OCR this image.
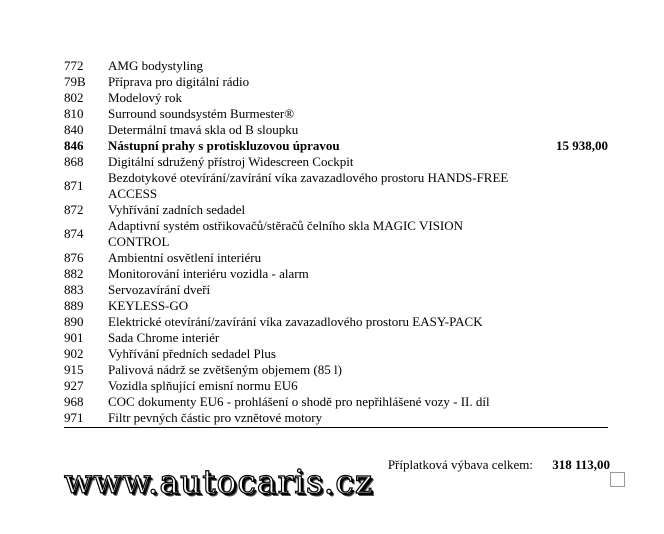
772	AMG bodystyling	
79B	Příprava pro digitální rádio	
802	Modelový rok	
810	Surround soundsystém Burmester®	
840	Determální tmavá skla od B sloupku	
846	Nástupní prahy s protiskluzovou úpravou	15 938,00
868	Digitální sdružený přístroj Widescreen Cockpit	
871	Bezdotykové otevírání/zavírání víka zavazadlového prostoru HANDS-FREE ACCESS	
872	Vyhřívání zadních sedadel	
874	Adaptivní systém ostřikovačů/stěračů čelního skla MAGIC VISION CONTROL	
876	Ambientní osvětlení interiéru	
882	Monitorování interiéru vozidla - alarm	
883	Servozavírání dveří	
889	KEYLESS-GO	
890	Elektrické otevírání/zavírání víka zavazadlového prostoru EASY-PACK	
901	Sada Chrome interiér	
902	Vyhřívání předních sedadel Plus	
915	Palivová nádrž se zvětšeným objemem (85 l)	
927	Vozidla splňující emisní normu EU6	
968	COC dokumenty EU6 - prohlášení o shodě pro nepřihlášené vozy - II. díl	
971	Filtr pevných částic pro vznětové motory	
Příplatková výbava celkem: 318 113,00
www.autocaris.cz
